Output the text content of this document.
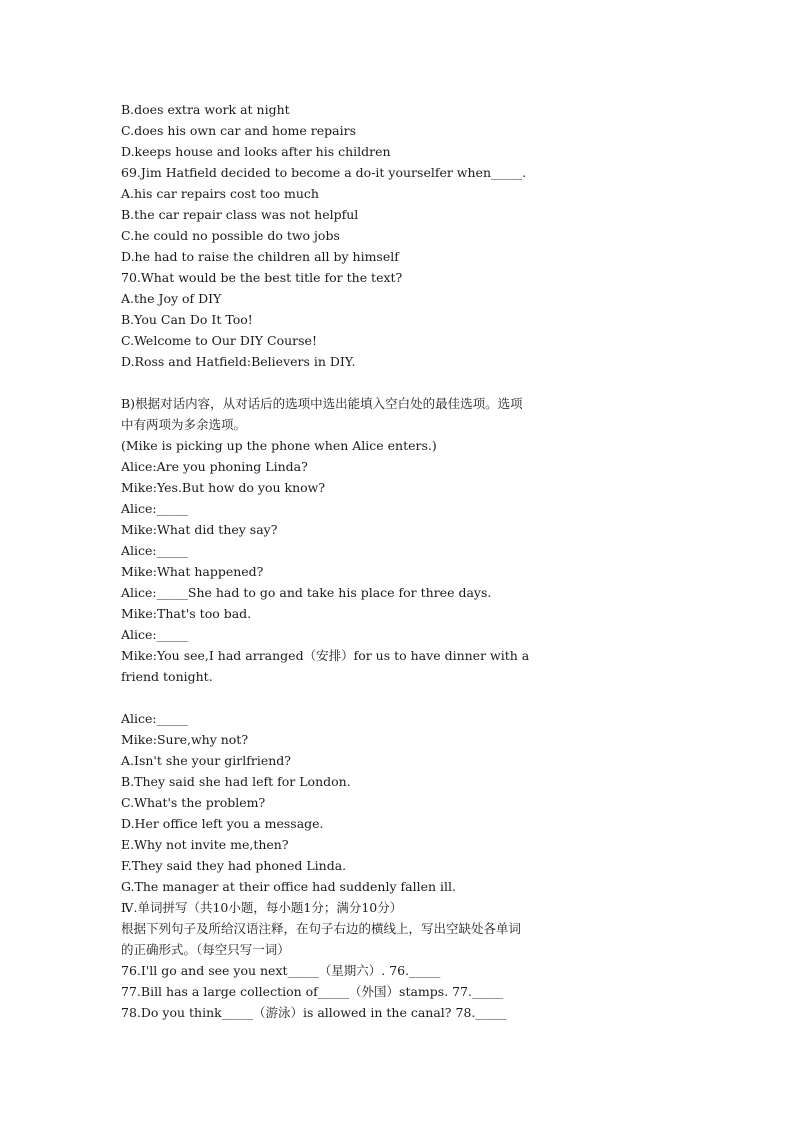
B.does extra work at night
C.does his own car and home repairs
D.keeps house and looks after his children
69.Jim Hatfield decided to become a do-it yourselfer when_____.
A.his car repairs cost too much
B.the car repair class was not helpful
C.he could no possible do two jobs
D.he had to raise the children all by himself
70.What would be the best title for the text?
A.the Joy of DIY
B.You Can Do It Too!
C.Welcome to Our DIY Course!
D.Ross and Hatfield:Believers in DIY.
B)根据对话内容，从对话后的选项中选出能填入空白处的最佳选项。选项
中有两项为多余选项。
(Mike is picking up the phone when Alice enters.)
Alice:Are you phoning Linda?
Mike:Yes.But how do you know?
Alice:_____
Mike:What did they say?
Alice:_____
Mike:What happened?
Alice:_____She had to go and take his place for three days.
Mike:That's too bad.
Alice:_____
Mike:You see,I had arranged（安排）for us to have dinner with a
friend tonight.
Alice:_____
Mike:Sure,why not?
A.Isn't she your girlfriend?
B.They said she had left for London.
C.What's the problem?
D.Her office left you a message.
E.Why not invite me,then?
F.They said they had phoned Linda.
G.The manager at their office had suddenly fallen ill.
Ⅳ.单词拼写（共10小题，每小题1分；满分10分）
根据下列句子及所给汉语注释，在句子右边的横线上，写出空缺处各单词
的正确形式。（每空只写一词）
76.I'll go and see you next_____（星期六）. 76._____
77.Bill has a large collection of_____（外国）stamps. 77._____
78.Do you think_____（游泳）is allowed in the canal? 78._____
